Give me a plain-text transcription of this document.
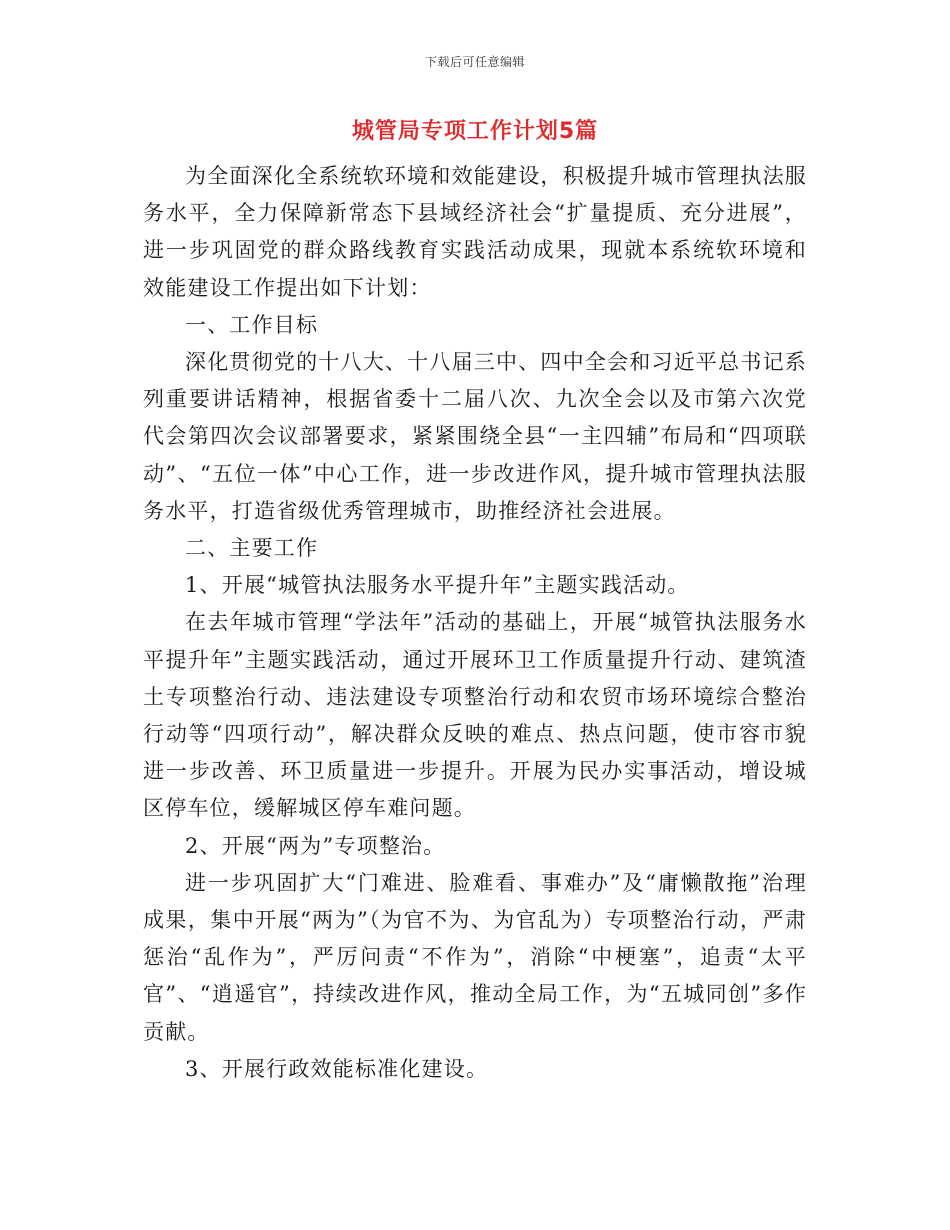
下载后可任意编辑
城管局专项工作计划5篇

为全面深化全系统软环境和效能建设，积极提升城市管理执法服务水平，全力保障新常态下县域经济社会“扩量提质、充分进展”，进一步巩固党的群众路线教育实践活动成果，现就本系统软环境和效能建设工作提出如下计划：

一、工作目标

深化贯彻党的十八大、十八届三中、四中全会和习近平总书记系列重要讲话精神，根据省委十二届八次、九次全会以及市第六次党代会第四次会议部署要求，紧紧围绕全县“一主四辅”布局和“四项联动”、“五位一体”中心工作，进一步改进作风，提升城市管理执法服务水平，打造省级优秀管理城市，助推经济社会进展。

二、主要工作

1、开展“城管执法服务水平提升年”主题实践活动。

在去年城市管理“学法年”活动的基础上，开展“城管执法服务水平提升年”主题实践活动，通过开展环卫工作质量提升行动、建筑渣土专项整治行动、违法建设专项整治行动和农贸市场环境综合整治行动等“四项行动”，解决群众反映的难点、热点问题，使市容市貌进一步改善、环卫质量进一步提升。开展为民办实事活动，增设城区停车位，缓解城区停车难问题。

2、开展“两为”专项整治。

进一步巩固扩大“门难进、脸难看、事难办”及“庸懒散拖”治理成果，集中开展“两为”（为官不为、为官乱为）专项整治行动，严肃惩治“乱作为”，严厉问责“不作为”，消除“中梗塞”，追责“太平官”、“逍遥官”，持续改进作风，推动全局工作，为“五城同创”多作贡献。

3、开展行政效能标准化建设。
